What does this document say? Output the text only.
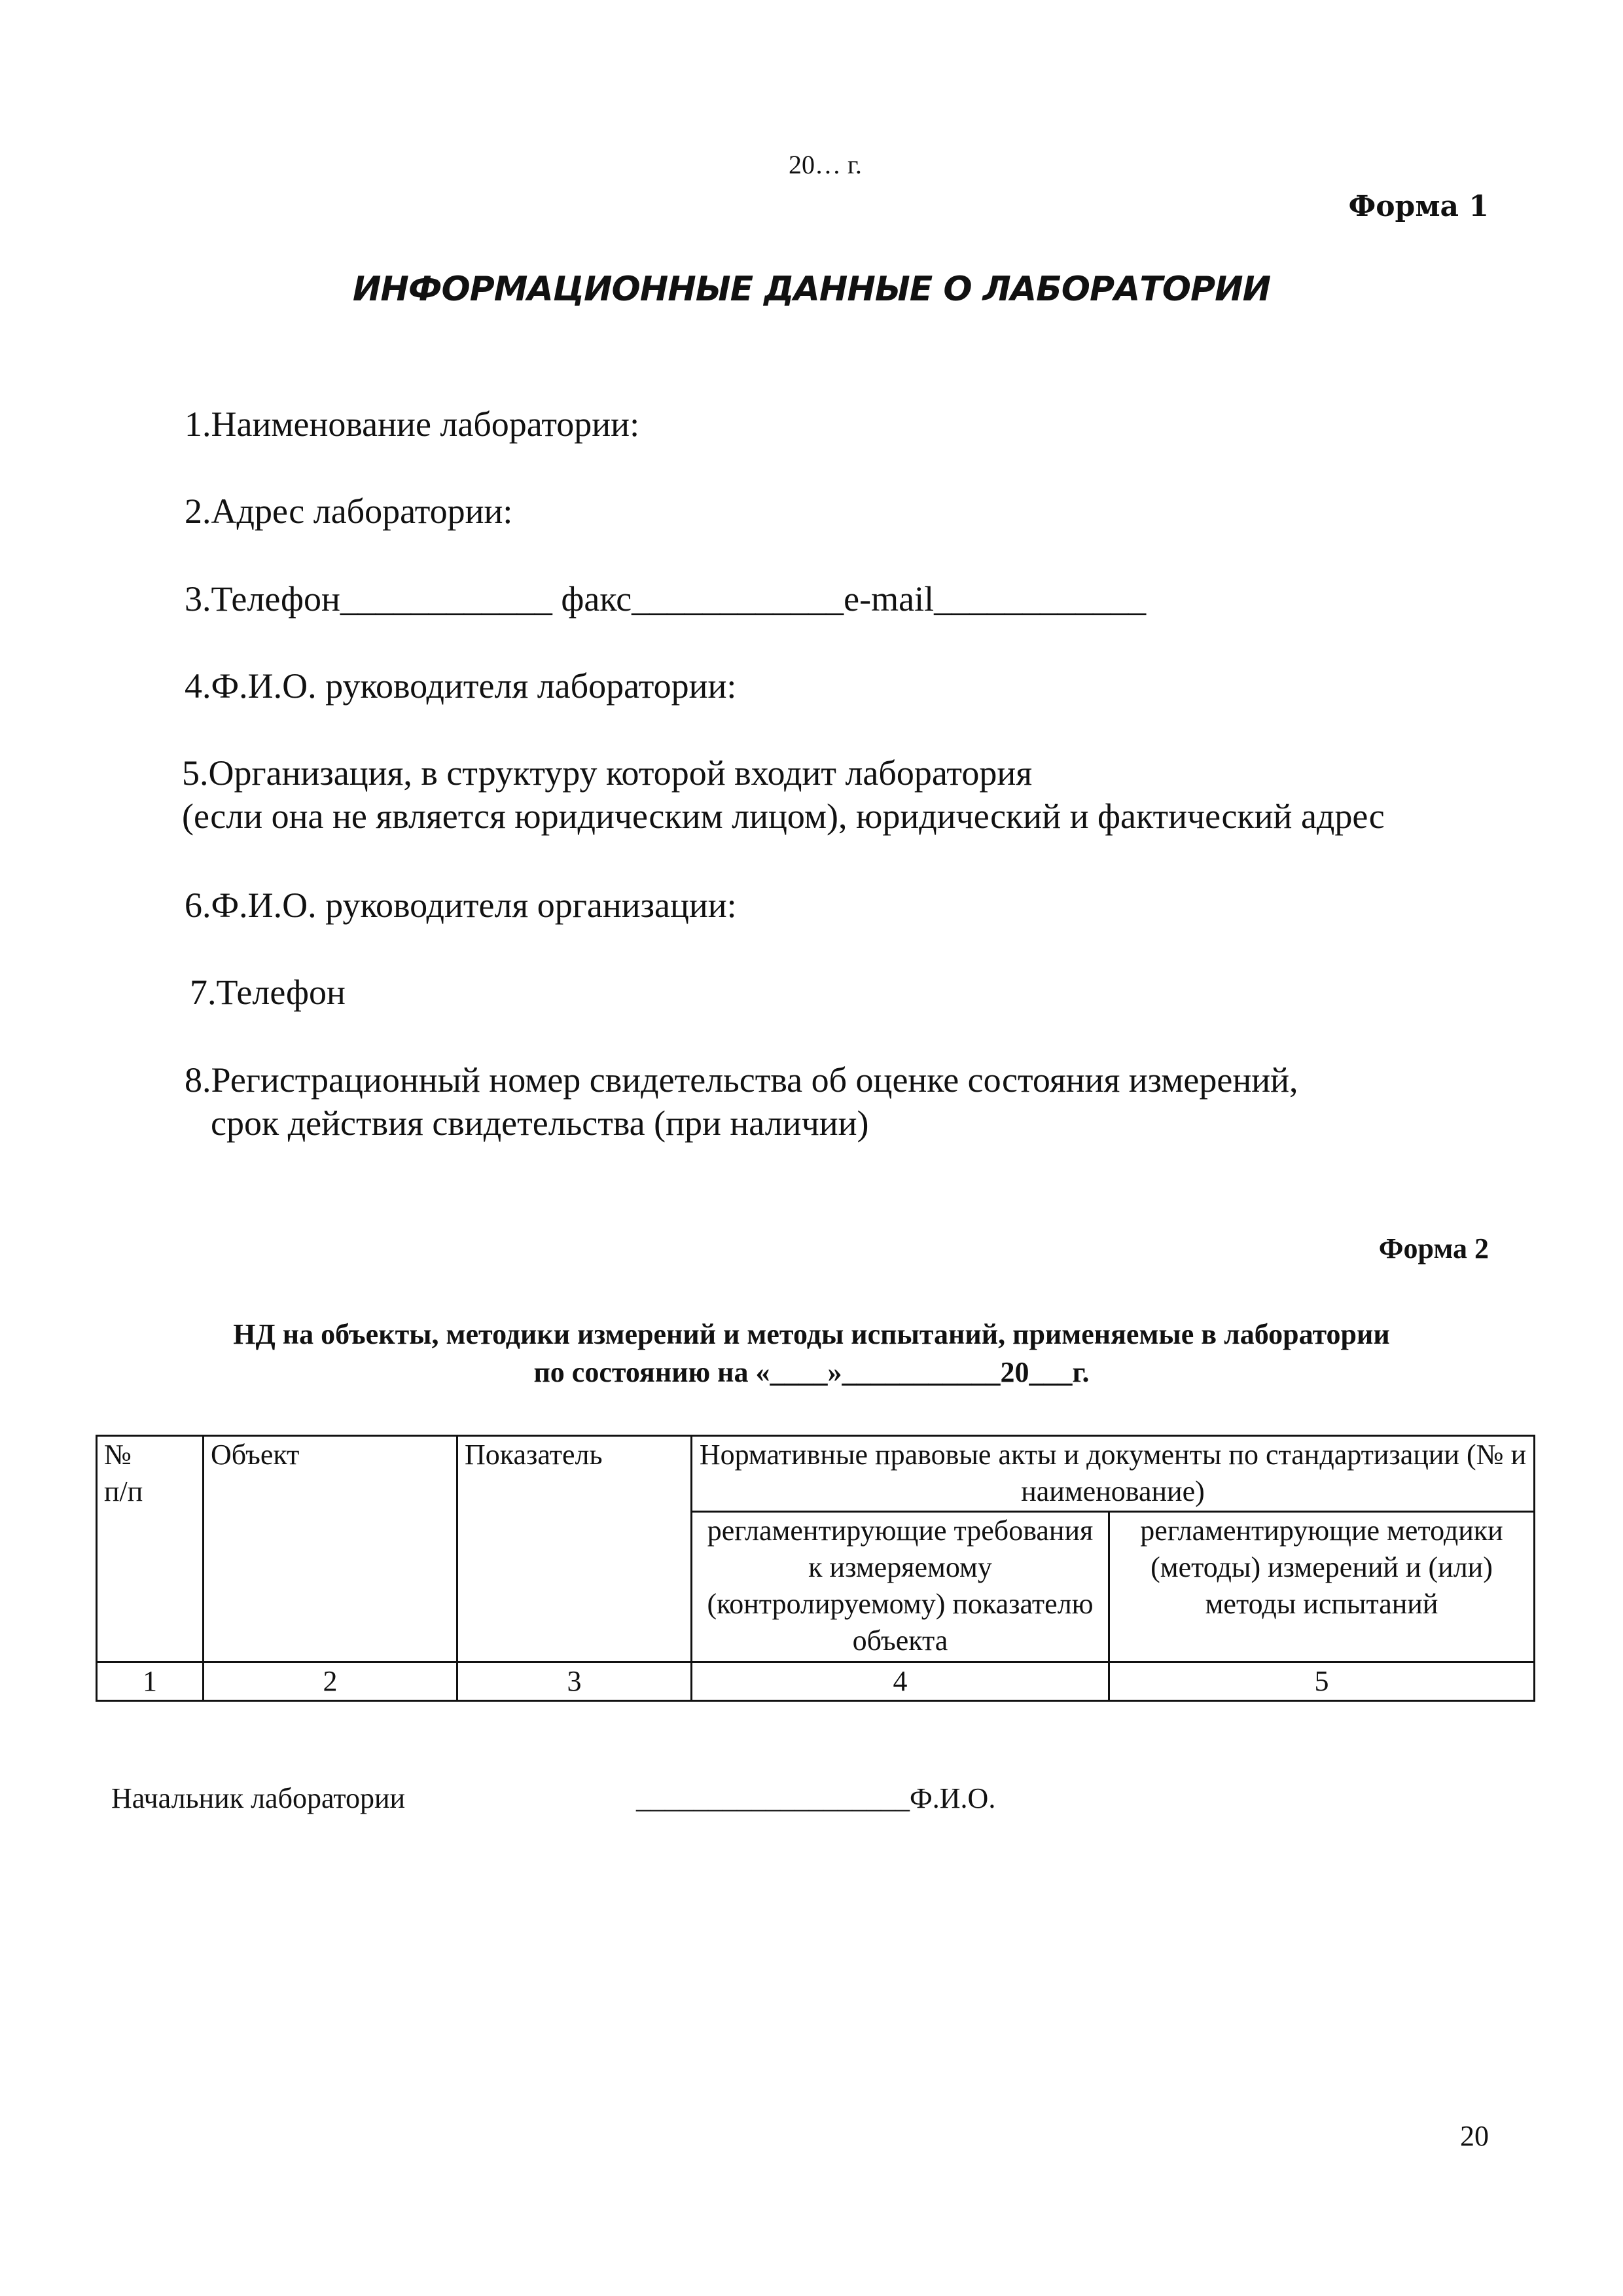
20… г.
Форма 1
ИНФОРМАЦИОННЫЕ ДАННЫЕ О ЛАБОРАТОРИИ
1.Наименование лаборатории:
2.Адрес лаборатории:
3.Телефон____________ факс____________e-mail____________
4.Ф.И.О. руководителя лаборатории:
5.Организация, в структуру которой входит лаборатория
(если она не является юридическим лицом), юридический и фактический адрес
6.Ф.И.О. руководителя организации:
7.Телефон
8.Регистрационный номер свидетельства об оценке состояния измерений,
срок действия свидетельства (при наличии)
Форма 2
НД на объекты, методики измерений и методы испытаний, применяемые в лаборатории
по состоянию на «____»___________20___г.
№
п/п	Объект	Показатель	Нормативные правовые акты и документы по стандартизации (№ и наименование)	
			регламентирующие требования к измеряемому (контролируемому) показателю объекта	регламентирующие методики (методы) измерений и (или) методы испытаний
1	2	3	4	5
Начальник лаборатории	___________________Ф.И.О.
20
